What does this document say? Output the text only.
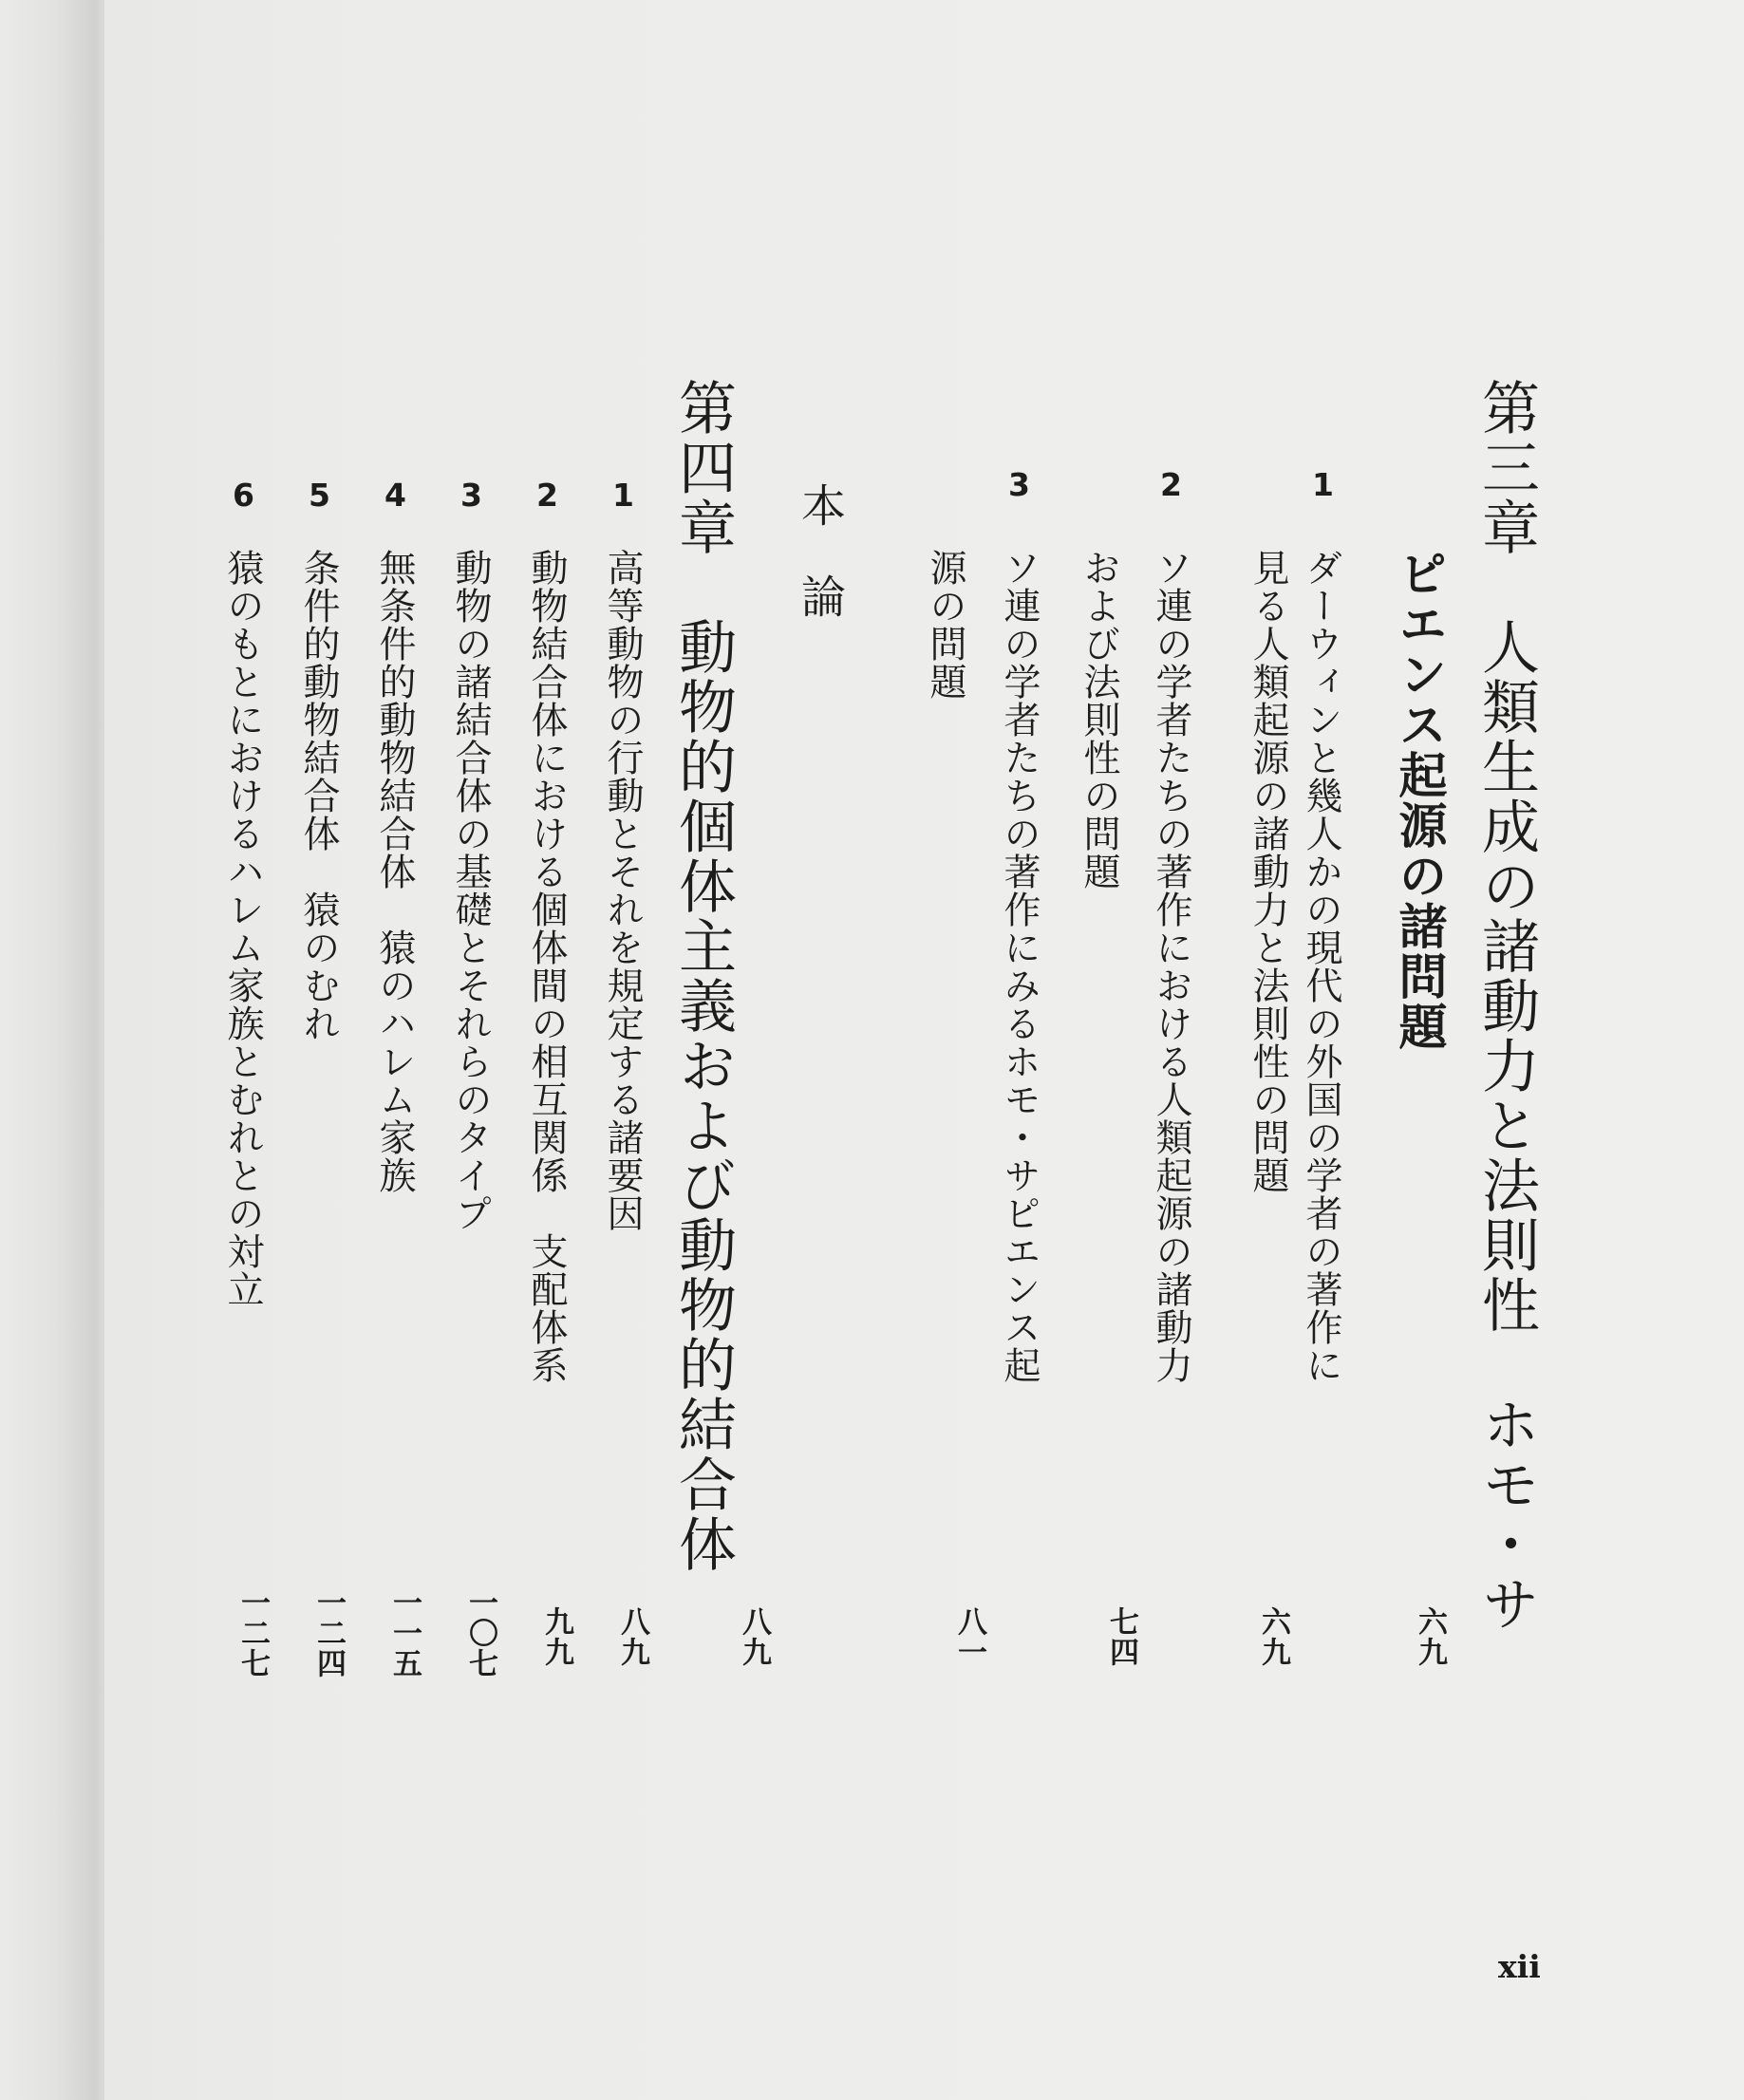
第三章　人類生成の諸動力と法則性　ホモ・サ
ピエンス起源の諸問題
六九
1
ダーウィンと幾人かの現代の外国の学者の著作に
見る人類起源の諸動力と法則性の問題
六九
2
ソ連の学者たちの著作における人類起源の諸動力
および法則性の問題
七四
3
ソ連の学者たちの著作にみるホモ・サピエンス起
源の問題
八一
本　論
第四章　動物的個体主義および動物的結合体
八九
1
高等動物の行動とそれを規定する諸要因
八九
2
動物結合体における個体間の相互関係　支配体系
九九
3
動物の諸結合体の基礎とそれらのタイプ
一〇七
4
無条件的動物結合体　猿のハレム家族
一一五
5
条件的動物結合体　猿のむれ
一二四
6
猿のもとにおけるハレム家族とむれとの対立
一二七
xii
